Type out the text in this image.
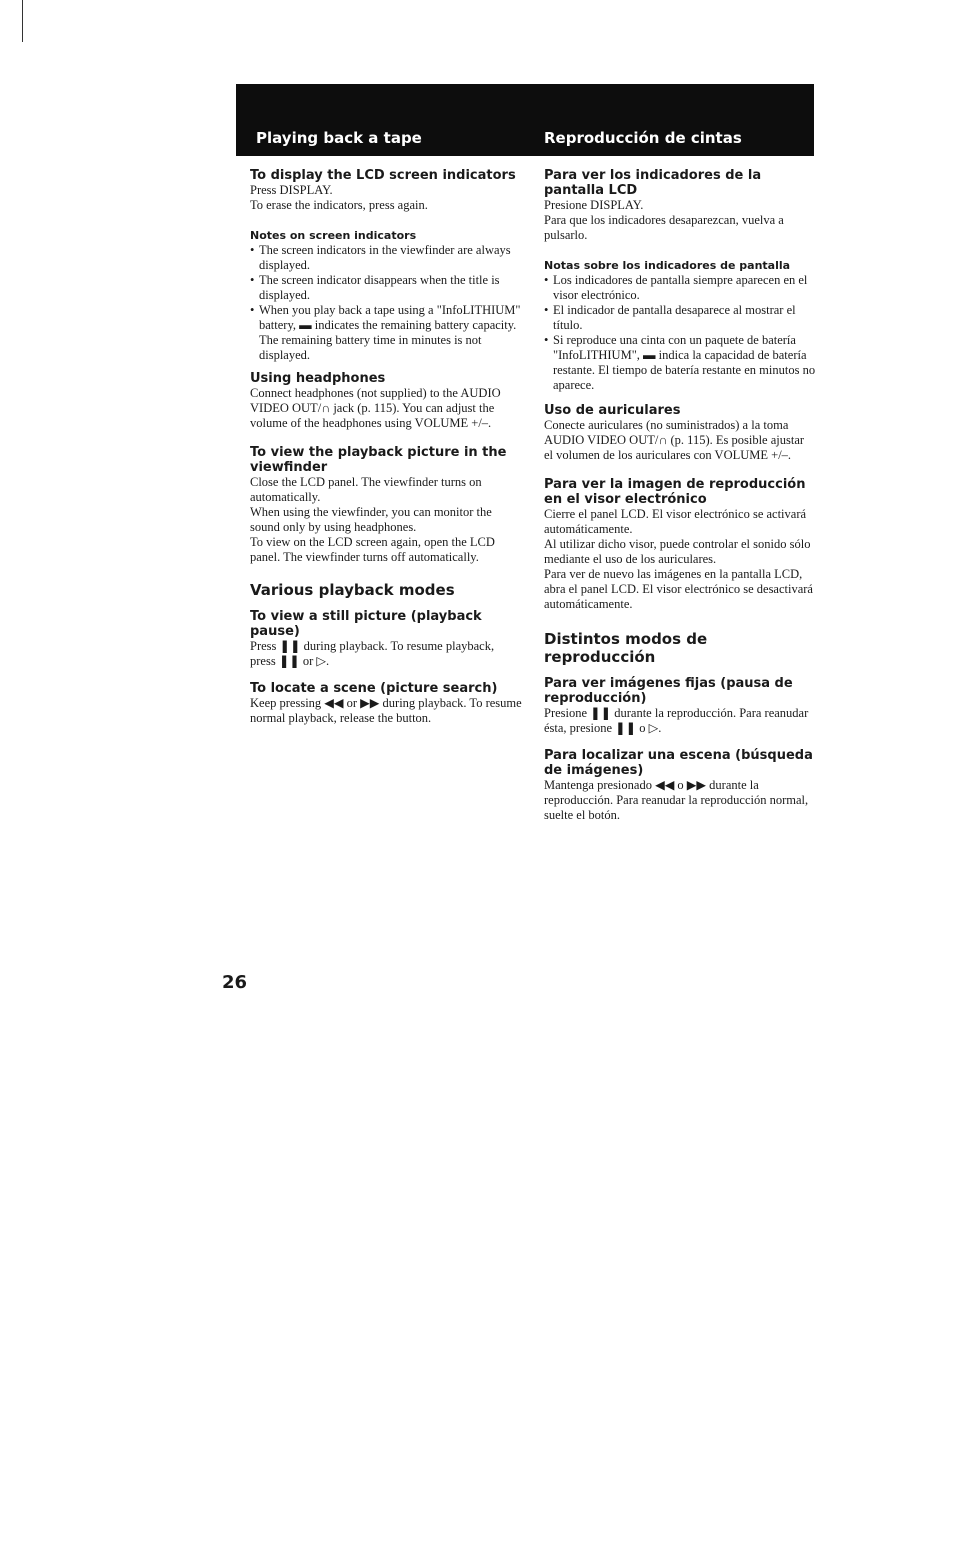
Playing back a tape	Reproducción de cintas
To display the LCD screen indicators

Press DISPLAY.

To erase the indicators, press again.

Notes on screen indicators
• The screen indicators in the viewfinder are always displayed.
• The screen indicator disappears when the title is displayed.
• When you play back a tape using a "InfoLITHIUM" battery, ▬ indicates the remaining battery capacity. The remaining battery time in minutes is not displayed.
Using headphones

Connect headphones (not supplied) to the AUDIO VIDEO OUT/∩ jack (p. 115). You can adjust the volume of the headphones using VOLUME +/–.

To view the playback picture in the viewfinder

Close the LCD panel. The viewfinder turns on automatically.

When using the viewfinder, you can monitor the sound only by using headphones.

To view on the LCD screen again, open the LCD panel. The viewfinder turns off automatically.

Various playback modes
To view a still picture (playback pause)

Press ❚❚ during playback. To resume playback, press ❚❚ or ▷.

To locate a scene (picture search)

Keep pressing ◀◀ or ▶▶ during playback. To resume normal playback, release the button.

Para ver los indicadores de la pantalla LCD

Presione DISPLAY.

Para que los indicadores desaparezcan, vuelva a pulsarlo.

Notas sobre los indicadores de pantalla
• Los indicadores de pantalla siempre aparecen en el visor electrónico.
• El indicador de pantalla desaparece al mostrar el título.
• Si reproduce una cinta con un paquete de batería "InfoLITHIUM", ▬ indica la capacidad de batería restante. El tiempo de batería restante en minutos no aparece.
Uso de auriculares

Conecte auriculares (no suministrados) a la toma AUDIO VIDEO OUT/∩ (p. 115). Es posible ajustar el volumen de los auriculares con VOLUME +/–.

Para ver la imagen de reproducción en el visor electrónico

Cierre el panel LCD. El visor electrónico se activará automáticamente.

Al utilizar dicho visor, puede controlar el sonido sólo mediante el uso de los auriculares.

Para ver de nuevo las imágenes en la pantalla LCD, abra el panel LCD. El visor electrónico se desactivará automáticamente.

Distintos modos de reproducción
Para ver imágenes fijas (pausa de reproducción)

Presione ❚❚ durante la reproducción. Para reanudar ésta, presione ❚❚ o ▷.

Para localizar una escena (búsqueda de imágenes)

Mantenga presionado ◀◀ o ▶▶ durante la reproducción. Para reanudar la reproducción normal, suelte el botón.

26
